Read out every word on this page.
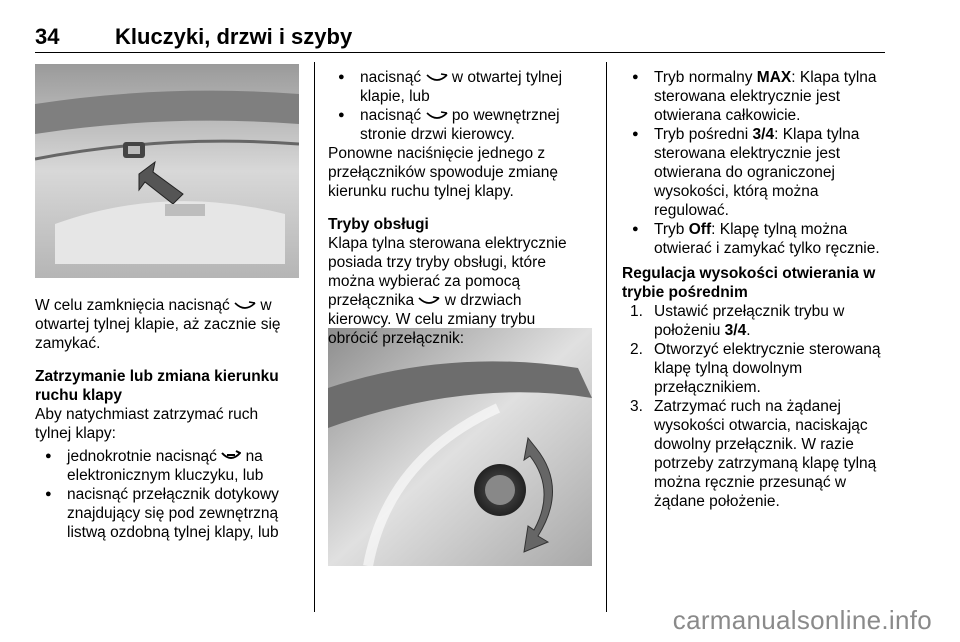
34	Kluczyki, drzwi i szyby

W celu zamknięcia nacisnąć w
otwartej tylnej klapie, aż zacznie się
zamykać.

Zatrzymanie lub zmiana kierunku ruchu klapy

Aby natychmiast zatrzymać ruch
tylnej klapy:

● jednokrotnie nacisnąć na
elektronicznym kluczyku, lub

● nacisnąć przełącznik dotykowy
znajdujący się pod zewnętrzną
listwą ozdobną tylnej klapy, lub

● nacisnąć w otwartej tylnej
klapie, lub

● nacisnąć po wewnętrznej
stronie drzwi kierowcy.

Ponowne naciśnięcie jednego z
przełączników spowoduje zmianę
kierunku ruchu tylnej klapy.

Tryby obsługi

Klapa tylna sterowana elektrycznie
posiada trzy tryby obsługi, które
można wybierać za pomocą
przełącznika w drzwiach
kierowcy. W celu zmiany trybu
obrócić przełącznik:

● Tryb normalny MAX: Klapa tylna
sterowana elektrycznie jest
otwierana całkowicie.

● Tryb pośredni 3/4: Klapa tylna
sterowana elektrycznie jest
otwierana do ograniczonej
wysokości, którą można
regulować.

● Tryb Off: Klapę tylną można
otwierać i zamykać tylko ręcznie.

Regulacja wysokości otwierania w
trybie pośrednim

1. Ustawić przełącznik trybu w
położeniu 3/4.

2. Otworzyć elektrycznie sterowaną
klapę tylną dowolnym
przełącznikiem.

3. Zatrzymać ruch na żądanej
wysokości otwarcia, naciskając
dowolny przełącznik. W razie
potrzeby zatrzymaną klapę tylną
można ręcznie przesunąć w
żądane położenie.

carmanualsonline.info
